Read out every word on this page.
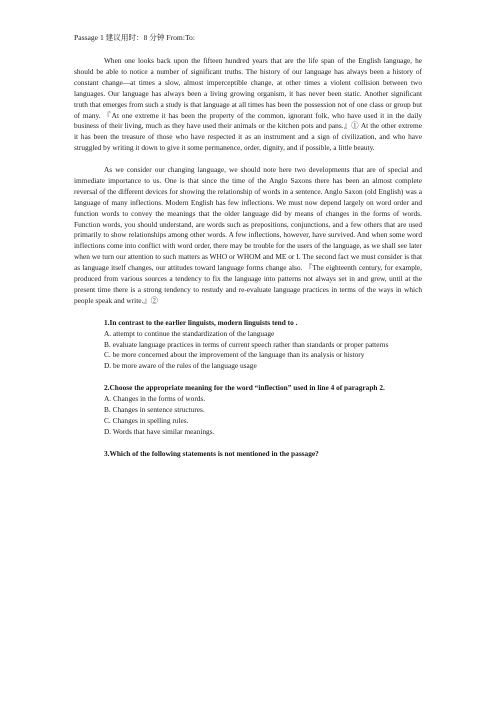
Passage 1 建议用时：8 分钟 From:To:

When one looks back upon the fifteen hundred years that are the life span of the English language, he should be able to notice a number of significant truths. The history of our language has always been a history of constant change—at times a slow, almost imperceptible change, at other times a violent collision between two languages. Our language has always been a living growing organism, it has never been static. Another significant truth that emerges from such a study is that language at all times has been the possession not of one class or group but of many. 『At one extreme it has been the property of the common, ignorant folk, who have used it in the daily business of their living, much as they have used their animals or the kitchen pots and pans.』① At the other extreme it has been the treasure of those who have respected it as an instrument and a sign of civilization, and who have struggled by writing it down to give it some permanence, order, dignity, and if possible, a little beauty.

As we consider our changing language, we should note here two developments that are of special and immediate importance to us. One is that since the time of the Anglo Saxons there has been an almost complete reversal of the different devices for showing the relationship of words in a sentence. Anglo Saxon (old English) was a language of many inflections. Modern English has few inflections. We must now depend largely on word order and function words to convey the meanings that the older language did by means of changes in the forms of words. Function words, you should understand, are words such as prepositions, conjunctions, and a few others that are used primarily to show relationships among other words. A few inflections, however, have survived. And when some word inflections come into conflict with word order, there may be trouble for the users of the language, as we shall see later when we turn our attention to such matters as WHO or WHOM and ME or I. The second fact we must consider is that as language itself changes, our attitudes toward language forms change also. 『The eighteenth century, for example, produced from various sources a tendency to fix the language into patterns not always set in and grew, until at the present time there is a strong tendency to restudy and re-evaluate language practices in terms of the ways in which people speak and write.』②

1.In contrast to the earlier linguists, modern linguists tend to .

A. attempt to continue the standardization of the language

B. evaluate language practices in terms of current speech rather than standards or proper patterns

C. be more concerned about the improvement of the language than its analysis or history

D. be more aware of the rules of the language usage

2.Choose the appropriate meaning for the word “inflection” used in line 4 of paragraph 2.

A. Changes in the forms of words.

B. Changes in sentence structures.

C. Changes in spelling rules.

D. Words that have similar meanings.

3.Which of the following statements is not mentioned in the passage?
